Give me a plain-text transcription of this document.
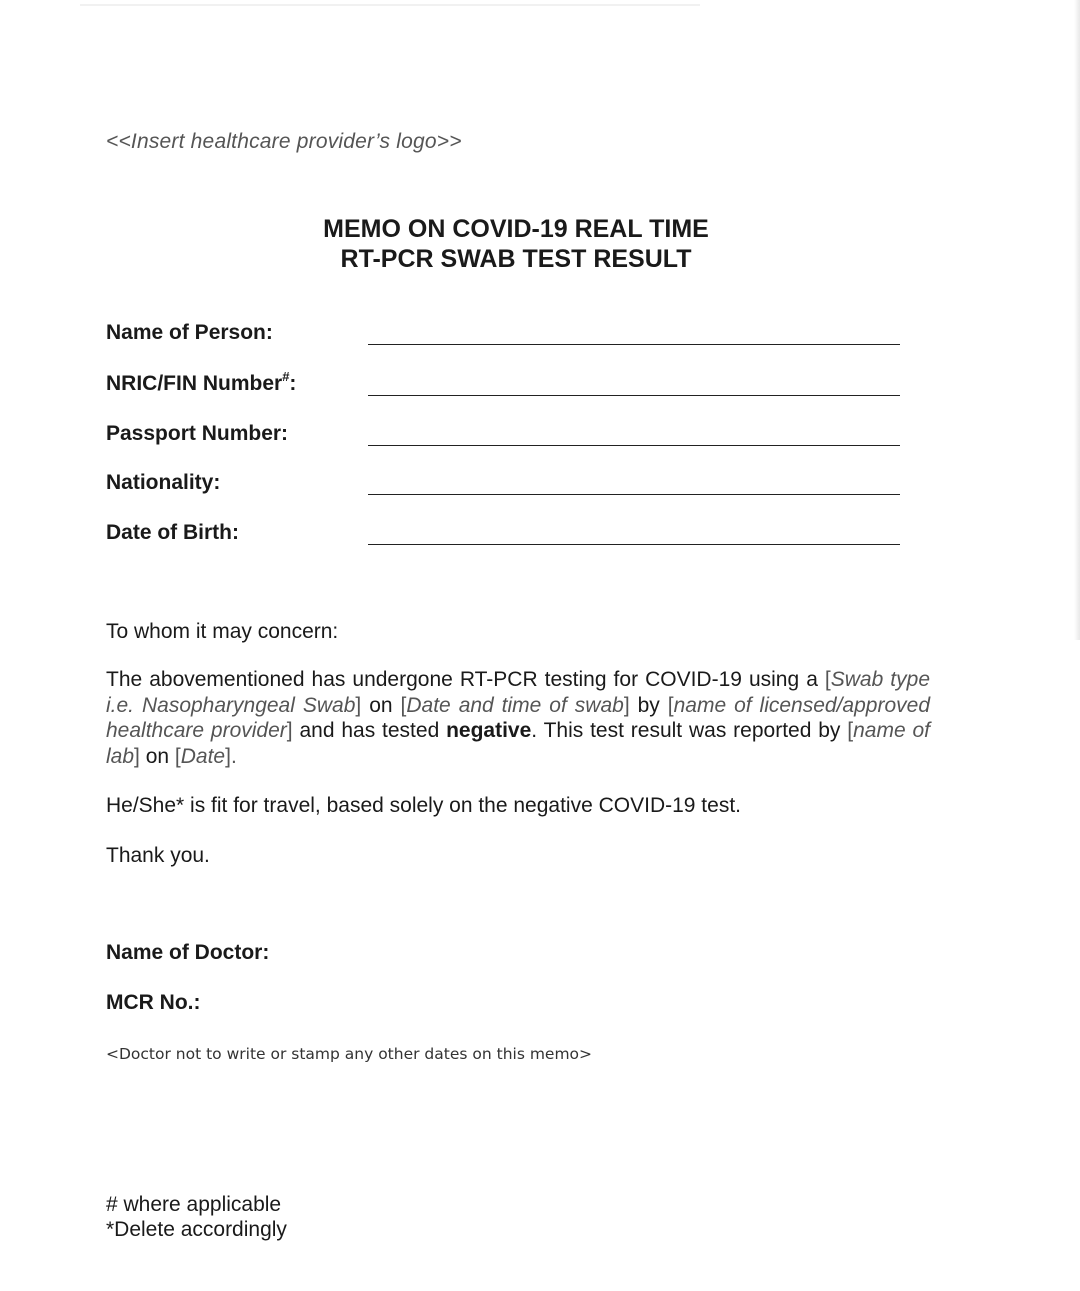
<<Insert healthcare provider’s logo>>
MEMO ON COVID-19 REAL TIME
RT-PCR SWAB TEST RESULT
Name of Person:
NRIC/FIN Number#:
Passport Number:
Nationality:
Date of Birth:
To whom it may concern:
The abovementioned has undergone RT-PCR testing for COVID-19 using a [Swab type i.e. Nasopharyngeal Swab] on [Date and time of swab] by [name of licensed/approved healthcare provider] and has tested negative. This test result was reported by [name of lab] on [Date].
He/She* is fit for travel, based solely on the negative COVID-19 test.
Thank you.
Name of Doctor:
MCR No.:
<Doctor not to write or stamp any other dates on this memo>
# where applicable
*Delete accordingly
